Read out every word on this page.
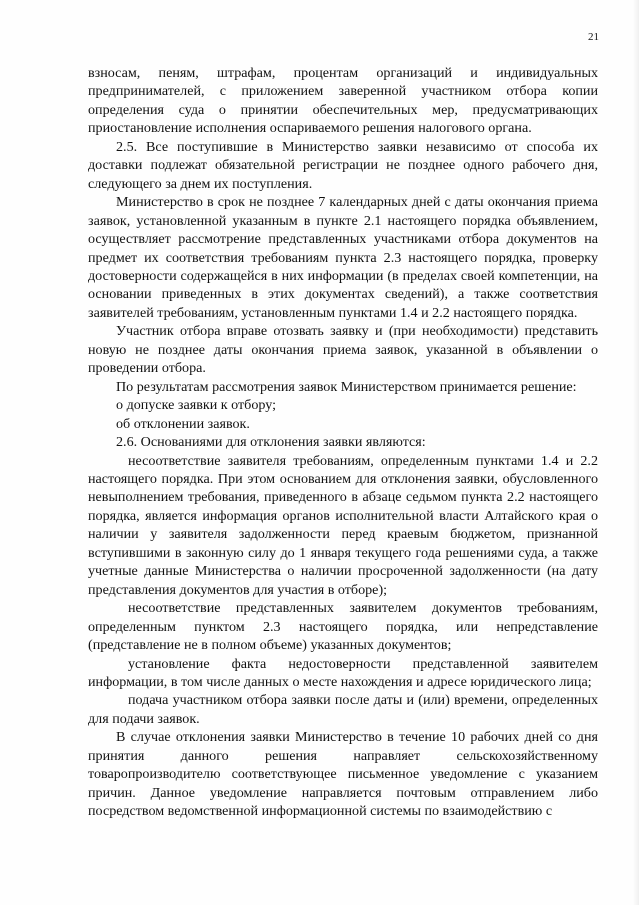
21

взносам, пеням, штрафам, процентам организаций и индивидуальных предпринимателей, с приложением заверенной участником отбора копии определения суда о принятии обеспечительных мер, предусматривающих приостановление исполнения оспариваемого решения налогового органа.

2.5. Все поступившие в Министерство заявки независимо от способа их доставки подлежат обязательной регистрации не позднее одного рабочего дня, следующего за днем их поступления.

Министерство в срок не позднее 7 календарных дней с даты окончания приема заявок, установленной указанным в пункте 2.1 настоящего порядка объявлением, осуществляет рассмотрение представленных участниками отбора документов на предмет их соответствия требованиям пункта 2.3 настоящего порядка, проверку достоверности содержащейся в них информации (в пределах своей компетенции, на основании приведенных в этих документах сведений), а также соответствия заявителей требованиям, установленным пунктами 1.4 и 2.2 настоящего порядка.

Участник отбора вправе отозвать заявку и (при необходимости) представить новую не позднее даты окончания приема заявок, указанной в объявлении о проведении отбора.

По результатам рассмотрения заявок Министерством принимается решение:

о допуске заявки к отбору;

об отклонении заявок.

2.6. Основаниями для отклонения заявки являются:

несоответствие заявителя требованиям, определенным пунктами 1.4 и 2.2 настоящего порядка. При этом основанием для отклонения заявки, обусловленного невыполнением требования, приведенного в абзаце седьмом пункта 2.2 настоящего порядка, является информация органов исполнительной власти Алтайского края о наличии у заявителя задолженности перед краевым бюджетом, признанной вступившими в законную силу до 1 января текущего года решениями суда, а также учетные данные Министерства о наличии просроченной задолженности (на дату представления документов для участия в отборе);

несоответствие представленных заявителем документов требованиям, определенным пунктом 2.3 настоящего порядка, или непредставление (представление не в полном объеме) указанных документов;

установление факта недостоверности представленной заявителем информации, в том числе данных о месте нахождения и адресе юридического лица;

подача участником отбора заявки после даты и (или) времени, определенных для подачи заявок.

В случае отклонения заявки Министерство в течение 10 рабочих дней со дня принятия данного решения направляет сельскохозяйственному товаропроизводителю соответствующее письменное уведомление с указанием причин. Данное уведомление направляется почтовым отправлением либо посредством ведомственной информационной системы по взаимодействию с
